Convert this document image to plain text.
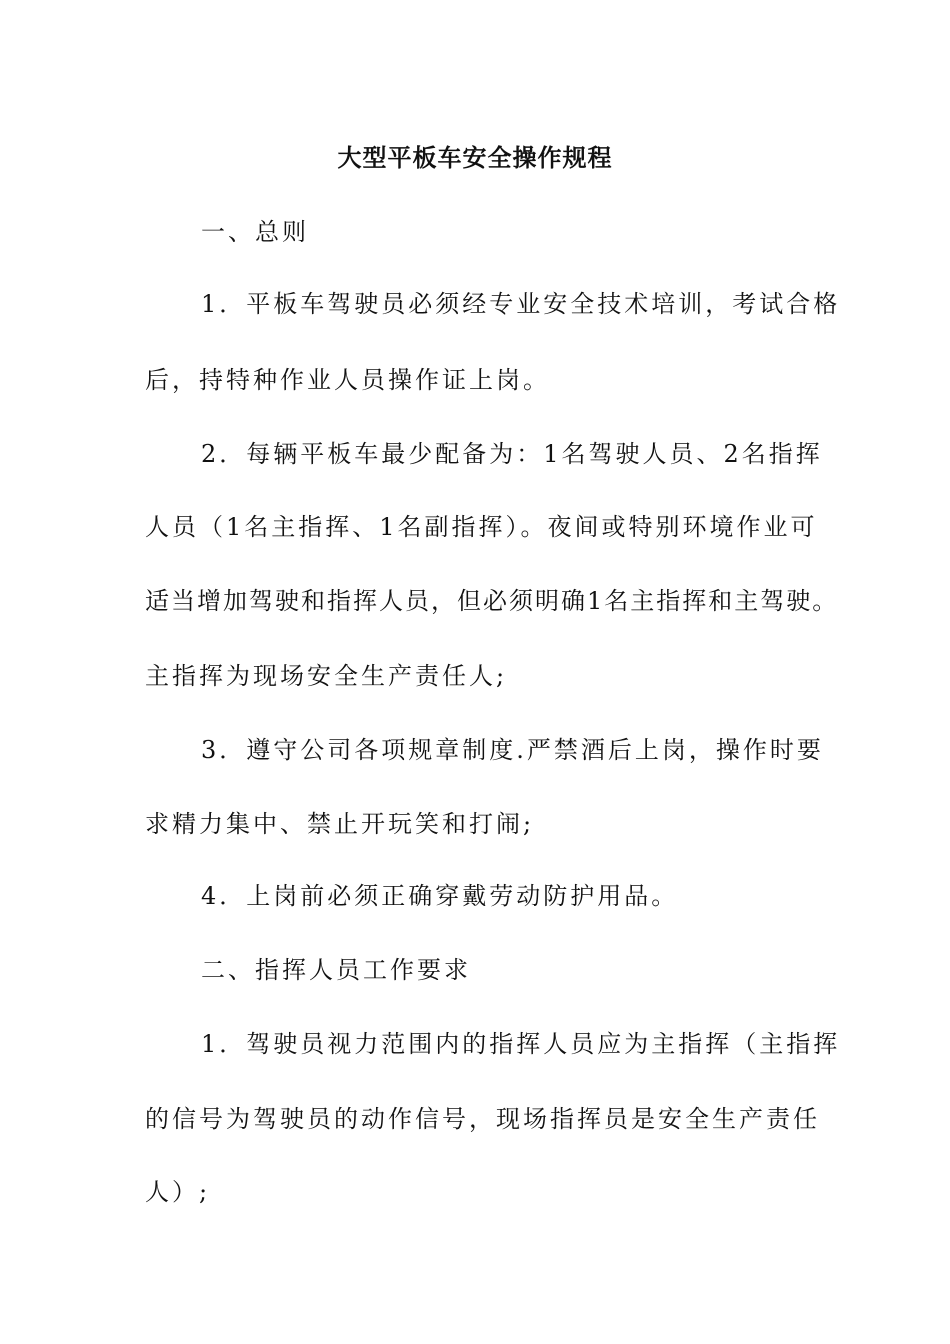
大型平板车安全操作规程

一、总则

1．平板车驾驶员必须经专业安全技术培训，考试合格

后，持特种作业人员操作证上岗。

2．每辆平板车最少配备为：1名驾驶人员、2名指挥

人员（1名主指挥、1名副指挥）。夜间或特别环境作业可

适当增加驾驶和指挥人员，但必须明确1名主指挥和主驾驶。

主指挥为现场安全生产责任人;

3．遵守公司各项规章制度.严禁酒后上岗，操作时要

求精力集中、禁止开玩笑和打闹;

4．上岗前必须正确穿戴劳动防护用品。

二、指挥人员工作要求

1．驾驶员视力范围内的指挥人员应为主指挥（主指挥

的信号为驾驶员的动作信号，现场指挥员是安全生产责任

人）;
